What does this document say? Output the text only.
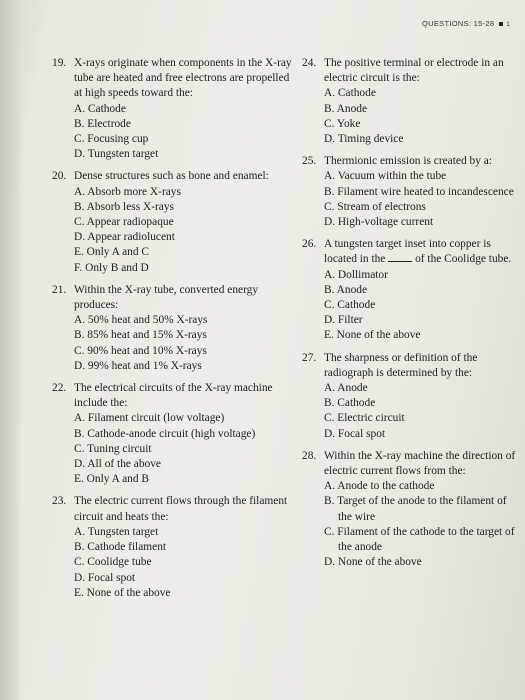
QUESTIONS: 15-28 1
19. X-rays originate when components in the X-ray tube are heated and free electrons are propelled at high speeds toward the:
A. Cathode
B. Electrode
C. Focusing cup
D. Tungsten target
20. Dense structures such as bone and enamel:
A. Absorb more X-rays
B. Absorb less X-rays
C. Appear radiopaque
D. Appear radiolucent
E. Only A and C
F. Only B and D
21. Within the X-ray tube, converted energy produces:
A. 50% heat and 50% X-rays
B. 85% heat and 15% X-rays
C. 90% heat and 10% X-rays
D. 99% heat and 1% X-rays
22. The electrical circuits of the X-ray machine include the:
A. Filament circuit (low voltage)
B. Cathode-anode circuit (high voltage)
C. Tuning circuit
D. All of the above
E. Only A and B
23. The electric current flows through the filament circuit and heats the:
A. Tungsten target
B. Cathode filament
C. Coolidge tube
D. Focal spot
E. None of the above
24. The positive terminal or electrode in an electric circuit is the:
A. Cathode
B. Anode
C. Yoke
D. Timing device
25. Thermionic emission is created by a:
A. Vacuum within the tube
B. Filament wire heated to incandescence
C. Stream of electrons
D. High-voltage current
26. A tungsten target inset into copper is located in the	of the Coolidge tube.
A. Dollimator
B. Anode
C. Cathode
D. Filter
E. None of the above
27. The sharpness or definition of the radiograph is determined by the:
A. Anode
B. Cathode
C. Electric circuit
D. Focal spot
28. Within the X-ray machine the direction of electric current flows from the:
A. Anode to the cathode
B. Target of the anode to the filament of the wire
C. Filament of the cathode to the target of the anode
D. None of the above
